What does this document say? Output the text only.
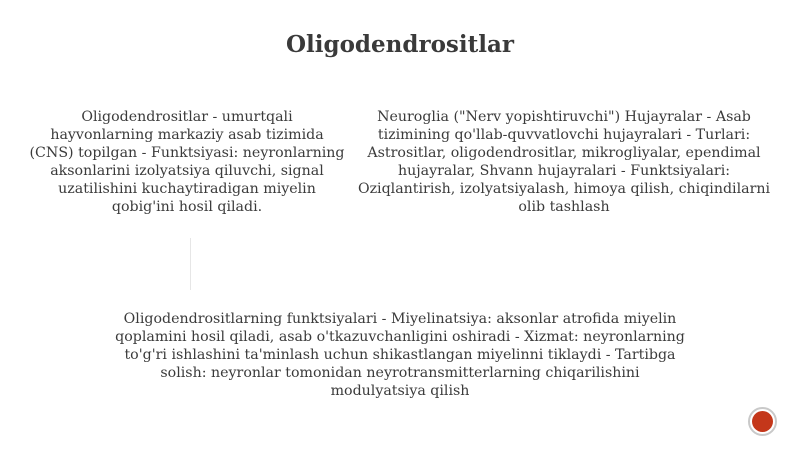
Oligodendrositlar
Oligodendrositlar - umurtqali hayvonlarning markaziy asab tizimida (CNS) topilgan - Funktsiyasi: neyronlarning aksonlarini izolyatsiya qiluvchi, signal uzatilishini kuchaytiradigan miyelin qobig'ini hosil qiladi.
Neuroglia ("Nerv yopishtiruvchi") Hujayralar - Asab tizimining qo'llab-quvvatlovchi hujayralari - Turlari: Astrositlar, oligodendrositlar, mikrogliyalar, ependimal hujayralar, Shvann hujayralari - Funktsiyalari: Oziqlantirish, izolyatsiyalash, himoya qilish, chiqindilarni olib tashlash
Oligodendrositlarning funktsiyalari - Miyelinatsiya: aksonlar atrofida miyelin qoplamini hosil qiladi, asab o'tkazuvchanligini oshiradi - Xizmat: neyronlarning to'g'ri ishlashini ta'minlash uchun shikastlangan miyelinni tiklaydi - Tartibga solish: neyronlar tomonidan neyrotransmitterlarning chiqarilishini modulyatsiya qilish
